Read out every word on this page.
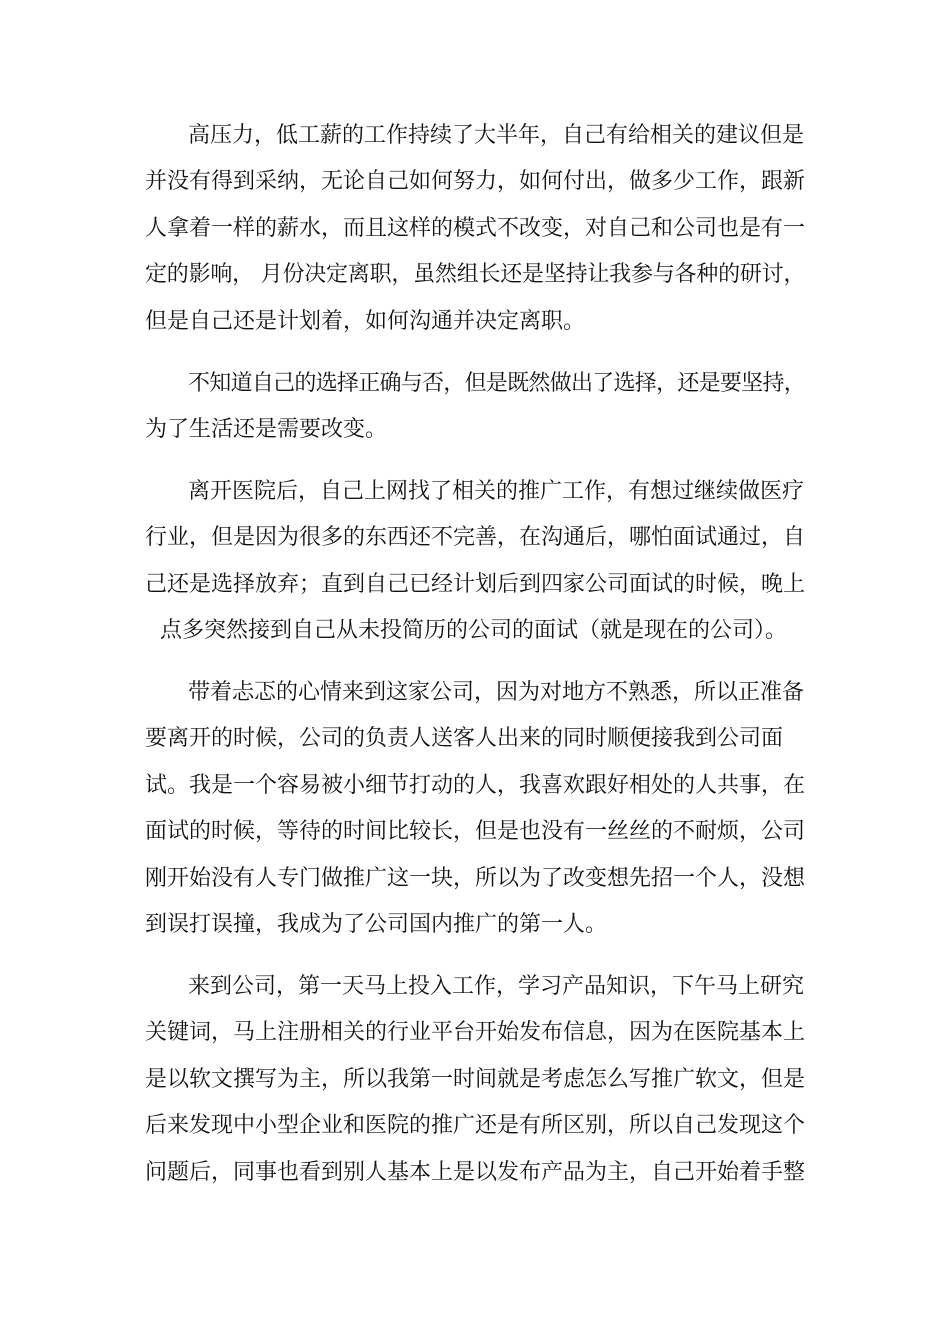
高压力，低工薪的工作持续了大半年，自己有给相关的建议但是
并没有得到采纳，无论自己如何努力，如何付出，做多少工作，跟新
人拿着一样的薪水，而且这样的模式不改变，对自己和公司也是有一
定的影响， 月份决定离职，虽然组长还是坚持让我参与各种的研讨，
但是自己还是计划着，如何沟通并决定离职。
不知道自己的选择正确与否，但是既然做出了选择，还是要坚持，
为了生活还是需要改变。
离开医院后，自己上网找了相关的推广工作，有想过继续做医疗
行业，但是因为很多的东西还不完善，在沟通后，哪怕面试通过，自
己还是选择放弃；直到自己已经计划后到四家公司面试的时候，晚上
点多突然接到自己从未投简历的公司的面试（就是现在的公司）。
带着忐忑的心情来到这家公司，因为对地方不熟悉，所以正准备
要离开的时候，公司的负责人送客人出来的同时顺便接我到公司面
试。我是一个容易被小细节打动的人，我喜欢跟好相处的人共事，在
面试的时候，等待的时间比较长，但是也没有一丝丝的不耐烦，公司
刚开始没有人专门做推广这一块，所以为了改变想先招一个人，没想
到误打误撞，我成为了公司国内推广的第一人。
来到公司，第一天马上投入工作，学习产品知识，下午马上研究
关键词，马上注册相关的行业平台开始发布信息，因为在医院基本上
是以软文撰写为主，所以我第一时间就是考虑怎么写推广软文，但是
后来发现中小型企业和医院的推广还是有所区别，所以自己发现这个
问题后，同事也看到别人基本上是以发布产品为主，自己开始着手整
